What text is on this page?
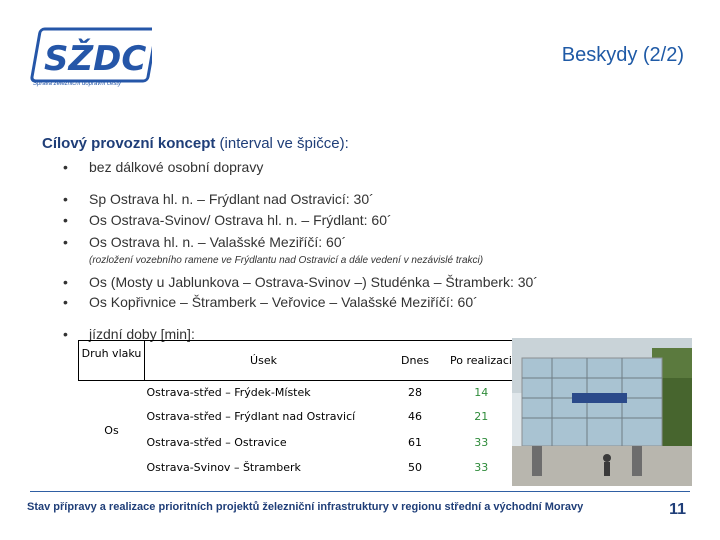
SŽDC
Správa železniční dopravní cesty
Beskydy (2/2)
Cílový provozní koncept (interval ve špičce):
• bez dálkové osobní dopravy
• Sp Ostrava hl. n. – Frýdlant nad Ostravicí: 30´
• Os Ostrava-Svinov/ Ostrava hl. n. – Frýdlant: 60´
• Os Ostrava hl. n. – Valašské Meziříčí: 60´
(rozložení vozebního ramene ve Frýdlantu nad Ostravicí a dále vedení v nezávislé trakci)
• Os (Mosty u Jablunkova – Ostrava-Svinov –) Studénka – Štramberk: 30´
• Os Kopřivnice – Štramberk – Veřovice – Valašské Meziříčí: 60´
• jízdní doby [min]:
Druh vlaku	Úsek	Dnes	Po realizaci
Os	Ostrava-střed – Frýdek-Místek	28	14
	Ostrava-střed – Frýdlant nad Ostravicí	46	21
	Ostrava-střed – Ostravice	61	33
	Ostrava-Svinov – Štramberk	50	33
Stav přípravy a realizace prioritních projektů železniční infrastruktury v regionu střední a východní Moravy	11
